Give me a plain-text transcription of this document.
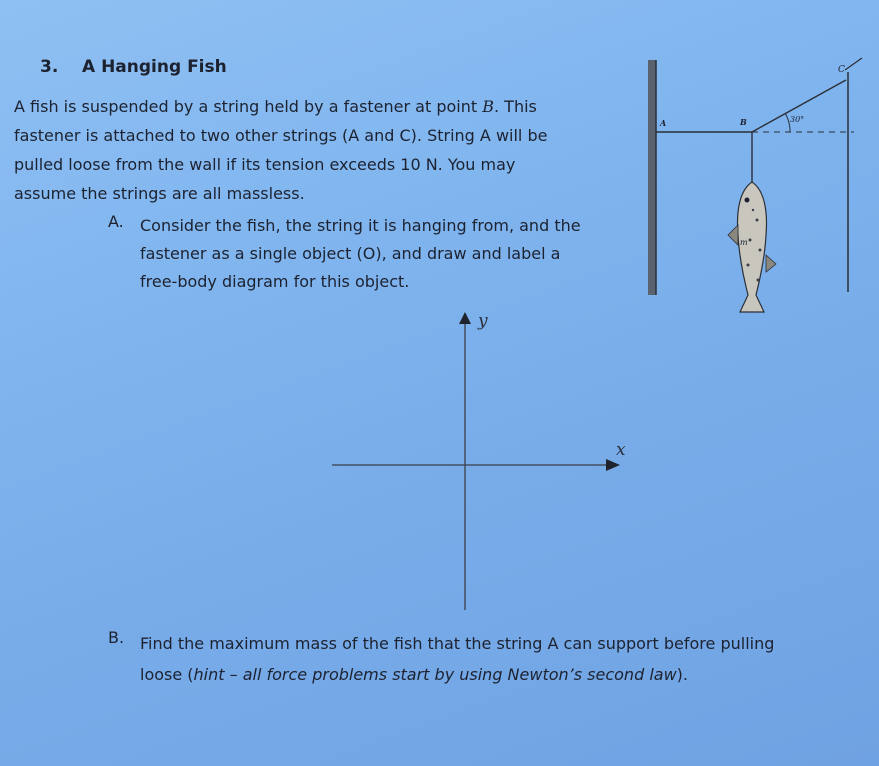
3. A Hanging Fish

A fish is suspended by a string held by a fastener at point B. This

fastener is attached to two other strings (A and C). String A will be

pulled loose from the wall if its tension exceeds 10 N. You may

assume the strings are all massless.

A. Consider the fish, the string it is hanging from, and the

fastener as a single object (O), and draw and label a

free-body diagram for this object.

y
x
A	B
C
30°
m
B. Find the maximum mass of the fish that the string A can support before pulling

loose (hint – all force problems start by using Newton’s second law).
